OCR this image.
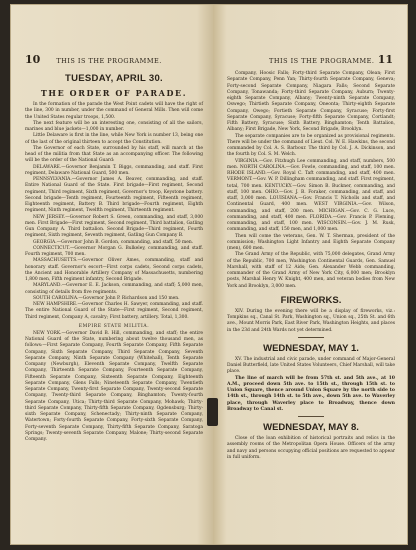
10 THIS IS THE PROGRAMME.
TUESDAY, APRIL 30.
THE ORDER OF PARADE.

In the formation of the parade the West Point cadets will have the right of the line, 300 in number, under the command of General Mills. Then will come the United States regular troops, 1,500.

The next feature will be an interesting one, consisting of all the sailors, marines and blue jackets—1,000 in number.

Little Delaware is first in the line, while New York is number 13, being one of the last of the original thirteen to accept the Constitution.

The Governor of each State, surrounded by his staff, will march at the head of the militia from that State as an accompanying officer. The following will be the order of the National Guard:

DELAWARE.—Governor Benjamin T. Biggs, commanding, and staff. First regiment, Delaware National Guard, 500 men.

PENNSYLVANIA.—Governor James A. Beaver, commanding, and staff. Entire National Guard of the State. First brigade—First regiment, Second regiment, Third regiment, Sixth regiment, Governor's troop, Keystone battery. Second brigade—Tenth regiment, Fourteenth regiment, Fifteenth regiment, Eighteenth regiment, Battery B. Third brigade—Fourth regiment, Eighth regiment, Ninth regiment, Twelfth regiment, Thirteenth regiment.

NEW JERSEY.—Governor Robert S. Green, commanding, and staff, 3,000 men. First Brigade—First regiment, Second regiment, Third battalion, Gatling Gun Company A. Third battalion. Second Brigade—Third regiment, Fourth regiment, Sixth regiment, Seventh regiment, Gatling Gun Company B.

GEORGIA.—Governor John B. Gordon, commanding, and staff, 50 men.

CONNECTICUT.—Governor Morgan G. Bulkeley, commanding, and staff. Fourth regiment, 700 men.

MASSACHUSETTS.—Governor Oliver Ames, commanding, staff and honorary staff. Governor's escort—First corps cadets, Second corps cadets, the Ancient and Honorable Artillery Company of Massachusetts, numbering 1,800 men, Fifth regiment infantry, Second Brigade.

MARYLAND.—Governor E. E. Jackson, commanding, and staff; 5,000 men, consisting of details from five regiments.

SOUTH CAROLINA.—Governor John P. Richardson and 150 men.

NEW HAMPSHIRE.—Governor Charles H. Sawyer, commanding, and staff. The entire National Guard of the State—First regiment, Second regiment, Third regiment, Company A, cavalry; First battery, artillery. Total, 1,300.

EMPIRE STATE MILITIA.

NEW YORK.—Governor David B. Hill, commanding, and staff; the entire National Guard of the State, numbering about twelve thousand men, as follows:—First Separate Company, Fourth Separate Company, Fifth Separate Company, Sixth Separate Company, Third Separate Company, Seventh Separate Company, Ninth Separate Company (Whitehall), Tenth Separate Company (Newburgh), Eleventh Separate Company, Twelfth Separate Company, Thirteenth Separate Company, Fourteenth Separate Company, Fifteenth Separate Company, Sixteenth Separate Company, Eighteenth Separate Company, Glens Falls; Nineteenth Separate Company, Twentieth Separate Company, Twenty-first Separate Company, Twenty-second Separate Company, Twenty-third Separate Company, Binghamton; Twenty-fourth Separate Company, Utica; Thirty-third Separate Company, Mohawk; Thirty-third Separate Company, Thirty-fifth Separate Company, Ogdensburg; Thirty-sixth Separate Company, Schenectady; Thirty-ninth Separate Company, Watertown; Forty-fourth Separate Company, Forty-sixth Separate Company, Forty-seventh Separate Company, Thirty-fifth Separate Company, Saratoga Springs; Twenty-seventh Separate Company, Malone; Thirty-second Separate Company.

THIS IS THE PROGRAMME. 11

Company, Hoosic Falls; Forty-third Separate Company, Olean; First Separate Company, Penn Yan; Thirty-fourth Separate Company, Geneva; Forty-second Separate Company, Niagara Falls; Second Separate Company, Tonawanda; Forty-third Separate Company, Auburn; Twenty-eighth Separate Company, Albany; Twenty-ninth Separate Company, Oswego; Thirtieth Separate Company, Oneonta; Thirty-eighth Separate Company, Owego; Fortieth Separate Company, Syracuse; Forty-first Separate Company, Syracuse; Forty-fifth Separate Company, Cortlandt; Fifth Battery, Syracuse; Sixth Battery, Binghamton; Tenth Battalion, Albany; First Brigade, New York, Second Brigade, Brooklyn.

The separate companies are to be organized as provisional regiments. There will be under the command of Lieut. Col. W. E. Hawkins, the second commanded by Col. A. S. Barbour. The third by Col. J. A. Dickinson, and the fourth by Col. S. M. Welch.

VIRGINIA.—Gov. Fitzhugh Lee commanding, and staff, numbers, 500 men. NORTH CAROLINA.—Gov. Fowle, commanding, and staff, 100 men. RHODE ISLAND.—Gov. Royal C. Taft commanding, and staff, 400 men. VERMONT.—Gov. W. P. Dillingham commanding, and staff. First regiment, total, 700 men. KENTUCKY.—Gov. Simon B. Buckner, commanding, and staff, 100 men. OHIO.—Gov. J. B. Foraker, commanding, and staff, and staff, 3,000 men. LOUISIANA.—Gov. Francis T. Nicholls and staff, and Continental Guard, 400 men. WEST VIRGINIA.—Gov. Wilson, commanding, and staff, 200 men. MICHIGAN.—Gov. C. G. Luce, commanding, and staff, 400 men. FLORIDA.—Gov. Francis P. Fleming, commanding, and staff, 100 men. WISCONSIN.—Gov. J. M. Rusk, commanding, and staff, 150 men, and 1,000 men.

Then will come the veterans, Gen. W. T. Sherman, president of the commission; Washington Light Infantry and Eighth Separate Company (men), 600 men.

The Grand Army of the Republic, with 75,000 delegates, Grand Army of the Republic, 700 men, Washington Continental Guards, Gen. Samuel Marshall, with staff of 12 Aids; Gen. Alexander Webb commanding, commander of the Grand Army of New York City, 6,000 men; Brooklyn posts, Marshal Henry W. Knight, 400 men, and veteran bodies from New York and Brooklyn, 3,000 men.

FIREWORKS.

XIV. During the evening there will be a display of fireworks, viz.: Tompkins sq., Canal St. Park, Washington sq., Union sq., 25th St. and 6th ave., Mount Morris Park, East River Park, Washington Heights, and places in the 23d and 24th Wards not yet determined.

WEDNESDAY, MAY 1.

XV. The industrial and civic parade, under command of Major-General Daniel Butterfield, late United States Volunteers, Chief Marshall, will take place.

The line of march will be from 57th st. and 5th ave., at 10 A.M., proceed down 5th ave. to 15th st., through 15th st. to Union Square, thence around Union Square by the north side to 14th st., through 14th st. to 5th ave., down 5th ave. to Waverley place, through Waverley place to Broadway, thence down Broadway to Canal st.

WEDNESDAY, MAY 8.

Close of the loan exhibition of historical portraits and relics in the assembly rooms of the Metropolitan Opera House. Officers of the army and navy and persons occupying official positions are requested to appear in full uniform.
